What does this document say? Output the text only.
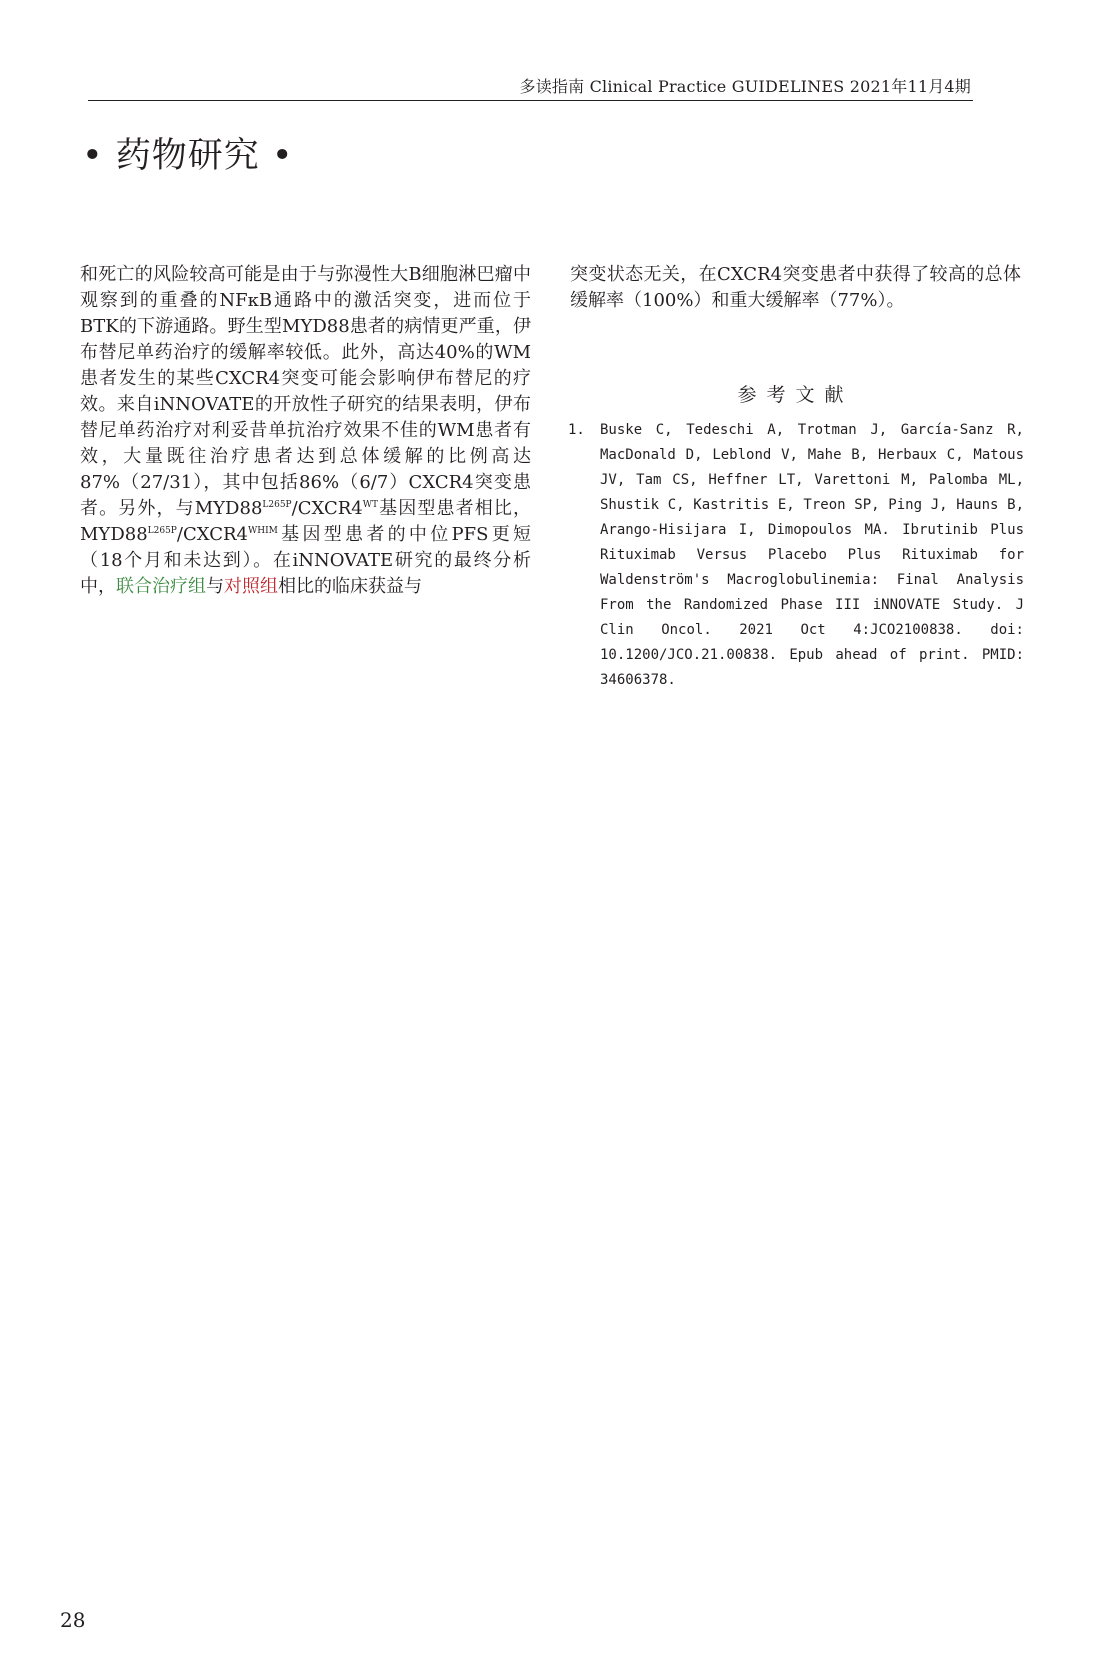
多读指南 Clinical Practice GUIDELINES 2021年11月4期
• 药物研究 •
和死亡的风险较高可能是由于与弥漫性大B细胞淋巴瘤中观察到的重叠的NFκB通路中的激活突变，进而位于BTK的下游通路。野生型MYD88患者的病情更严重，伊布替尼单药治疗的缓解率较低。此外，高达40%的WM患者发生的某些CXCR4突变可能会影响伊布替尼的疗效。来自iNNOVATE的开放性子研究的结果表明，伊布替尼单药治疗对利妥昔单抗治疗效果不佳的WM患者有效，大量既往治疗患者达到总体缓解的比例高达87%（27/31），其中包括86%（6/7）CXCR4突变患者。另外，与$MYD88^{L265P}/CXCR4^{WT}$基因型患者相比，$MYD88^{L265P}/CXCR4^{WHIM}$基因型患者的中位PFS更短（18个月和未达到）。在iNNOVATE研究的最终分析中，联合治疗组与对照组相比的临床获益与
突变状态无关，在CXCR4突变患者中获得了较高的总体缓解率（100%）和重大缓解率（77%）。
参考文献
1.	Buske C, Tedeschi A, Trotman J, García-Sanz R, MacDonald D, Leblond V, Mahe B, Herbaux C, Matous JV, Tam CS, Heffner LT, Varettoni M, Palomba ML, Shustik C, Kastritis E, Treon SP, Ping J, Hauns B, Arango-Hisijara I, Dimopoulos MA. Ibrutinib Plus Rituximab Versus Placebo Plus Rituximab for Waldenström's Macroglobulinemia: Final Analysis From the Randomized Phase III iNNOVATE Study. J Clin Oncol. 2021 Oct 4:JCO2100838. doi: 10.1200/JCO.21.00838. Epub ahead of print. PMID: 34606378.
28
